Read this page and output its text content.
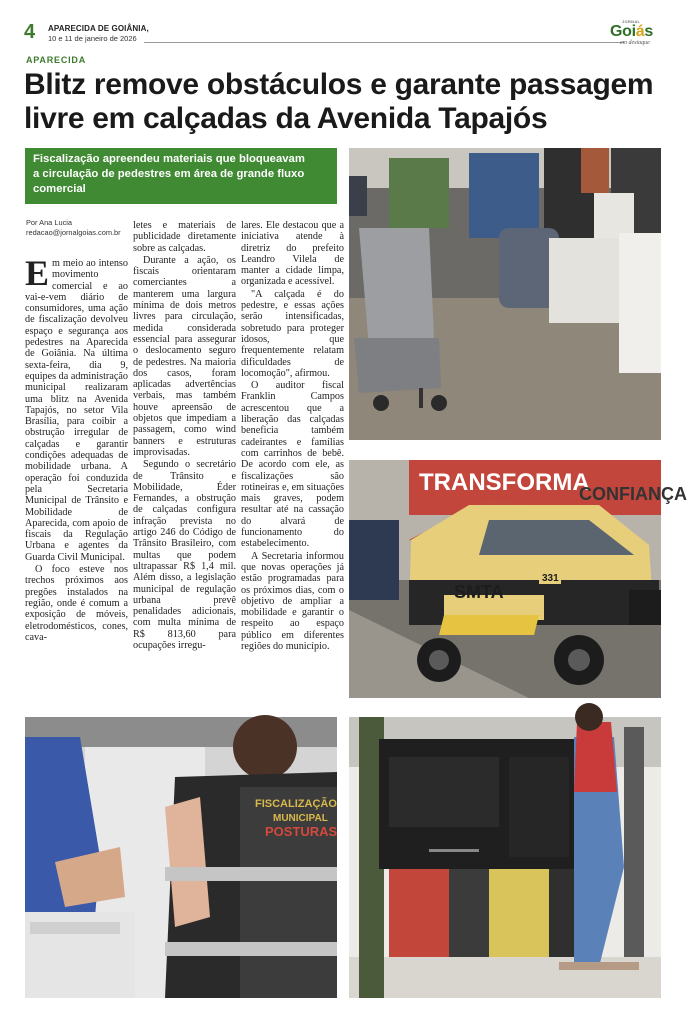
4 APARECIDA DE GOIÂNIA,
10 e 11 de janeiro de 2026
JORNAL
Goiás
em destaque
APARECIDA
Blitz remove obstáculos e garante passagem
livre em calçadas da Avenida Tapajós
Fiscalização apreendeu materiais que bloqueavam
a circulação de pedestres em área de grande fluxo
comercial
Por Ana Lucia
redacao@jornalgoias.com.br

Em meio ao intenso movimento comercial e ao vai-e-vem diário de consumidores, uma ação de fiscalização devolveu espaço e segurança aos pedestres na Aparecida de Goiânia. Na última sexta-feira, dia 9, equipes da administração municipal realizaram uma blitz na Avenida Tapajós, no setor Vila Brasília, para coibir a obstrução irregular de calçadas e garantir condições adequadas de mobilidade urbana. A operação foi conduzida pela Secretaria Municipal de Trânsito e Mobilidade de Aparecida, com apoio de fiscais da Regulação Urbana e agentes da Guarda Civil Municipal.

O foco esteve nos trechos próximos aos pregões instalados na região, onde é comum a exposição de móveis, eletrodomésticos, cones, cava-

letes e materiais de publicidade diretamente sobre as calçadas.

Durante a ação, os fiscais orientaram comerciantes a manterem uma largura mínima de dois metros livres para circulação, medida considerada essencial para assegurar o deslocamento seguro de pedestres. Na maioria dos casos, foram aplicadas advertências verbais, mas também houve apreensão de objetos que impediam a passagem, como wind banners e estruturas improvisadas.

Segundo o secretário de Trânsito e Mobilidade, Éder Fernandes, a obstrução de calçadas configura infração prevista no artigo 246 do Código de Trânsito Brasileiro, com multas que podem ultrapassar R$ 1,4 mil. Além disso, a legislação municipal de regulação urbana prevê penalidades adicionais, com multa mínima de R$ 813,60 para ocupações irregu-

lares. Ele destacou que a iniciativa atende à diretriz do prefeito Leandro Vilela de manter a cidade limpa, organizada e acessível.

"A calçada é do pedestre, e essas ações serão intensificadas, sobretudo para proteger idosos, que frequentemente relatam dificuldades de locomoção", afirmou.

O auditor fiscal Franklin Campos acrescentou que a liberação das calçadas beneficia também cadeirantes e famílias com carrinhos de bebê. De acordo com ele, as fiscalizações são rotineiras e, em situações mais graves, podem resultar até na cassação do alvará de funcionamento do estabelecimento.

A Secretaria informou que novas operações já estão programadas para os próximos dias, com o objetivo de ampliar a mobilidade e garantir o respeito ao espaço público em diferentes regiões do município.

TRANSFORMA
CONFIANÇA
SMTA
331
FISCALIZAÇÃO
MUNICIPAL
POSTURAS
